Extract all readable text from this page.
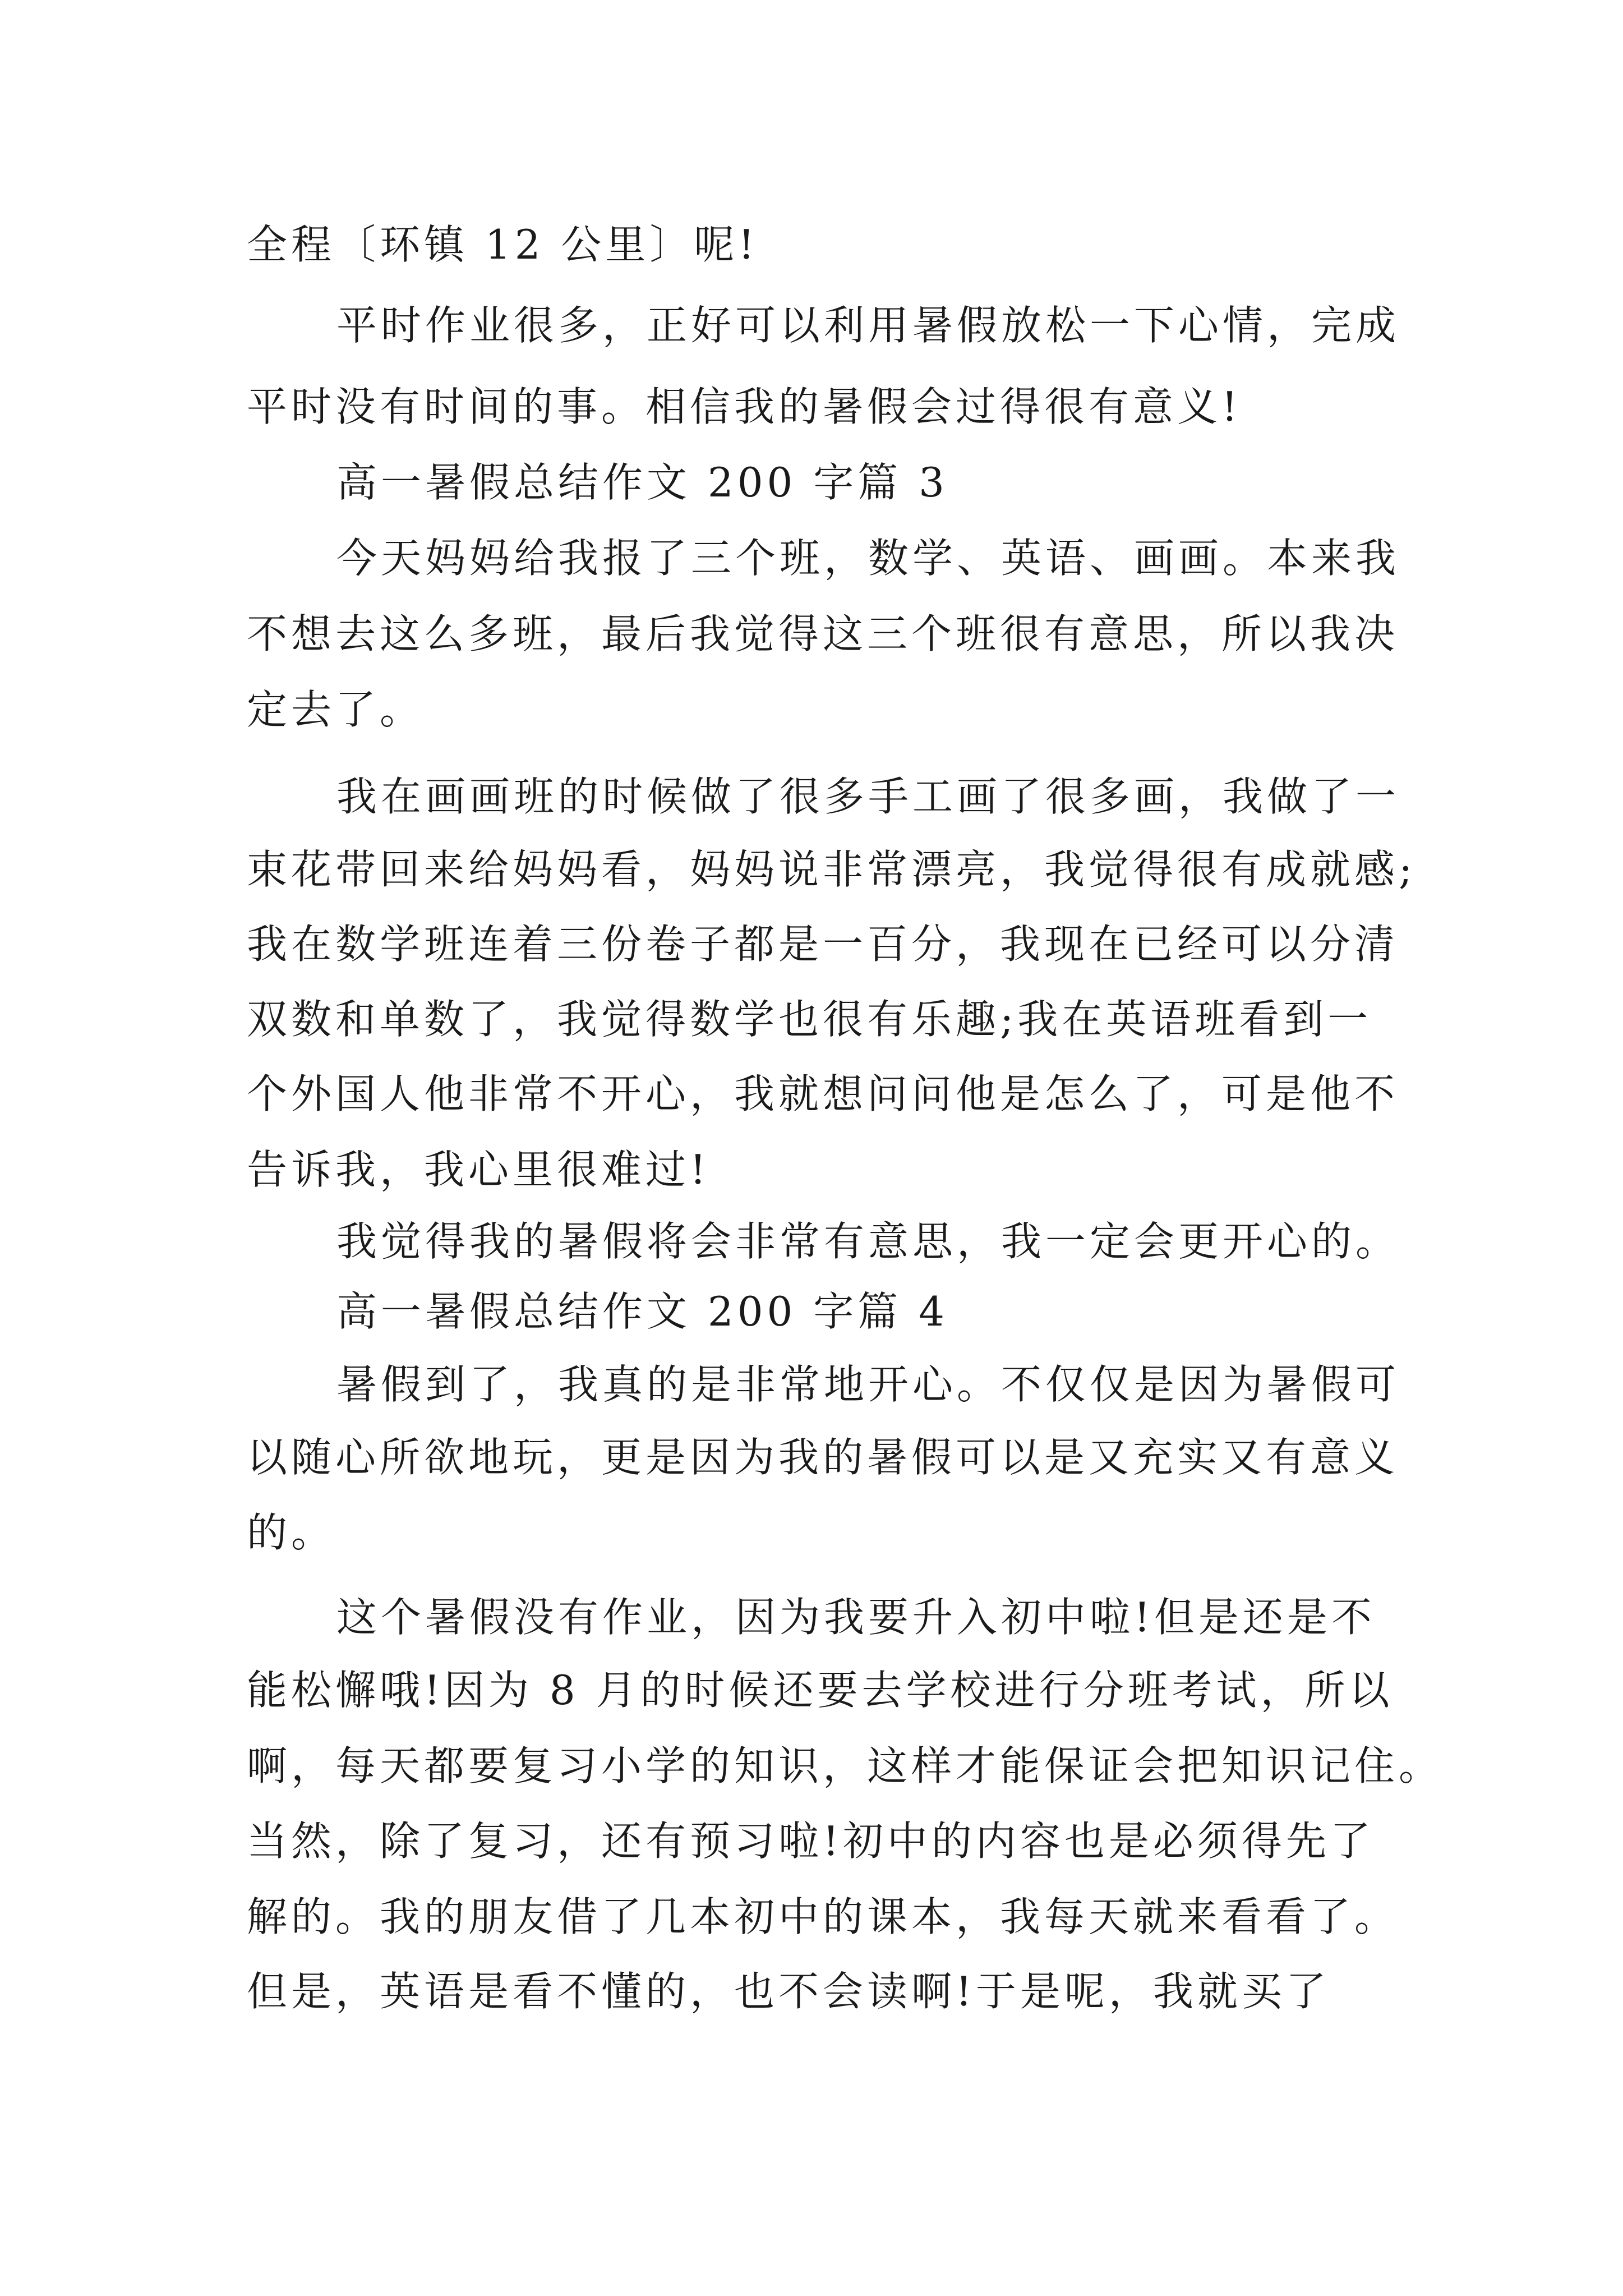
全程〔环镇 12 公里〕呢!

平时作业很多，正好可以利用暑假放松一下心情，完成

平时没有时间的事。相信我的暑假会过得很有意义!

高一暑假总结作文 200 字篇 3

今天妈妈给我报了三个班，数学、英语、画画。本来我

不想去这么多班，最后我觉得这三个班很有意思，所以我决

定去了。

我在画画班的时候做了很多手工画了很多画，我做了一

束花带回来给妈妈看，妈妈说非常漂亮，我觉得很有成就感;

我在数学班连着三份卷子都是一百分，我现在已经可以分清

双数和单数了，我觉得数学也很有乐趣;我在英语班看到一

个外国人他非常不开心，我就想问问他是怎么了，可是他不

告诉我，我心里很难过!

我觉得我的暑假将会非常有意思，我一定会更开心的。

高一暑假总结作文 200 字篇 4

暑假到了，我真的是非常地开心。不仅仅是因为暑假可

以随心所欲地玩，更是因为我的暑假可以是又充实又有意义

的。

这个暑假没有作业，因为我要升入初中啦!但是还是不

能松懈哦!因为 8 月的时候还要去学校进行分班考试，所以

啊，每天都要复习小学的知识，这样才能保证会把知识记住。

当然，除了复习，还有预习啦!初中的内容也是必须得先了

解的。我的朋友借了几本初中的课本，我每天就来看看了。

但是，英语是看不懂的，也不会读啊!于是呢，我就买了
